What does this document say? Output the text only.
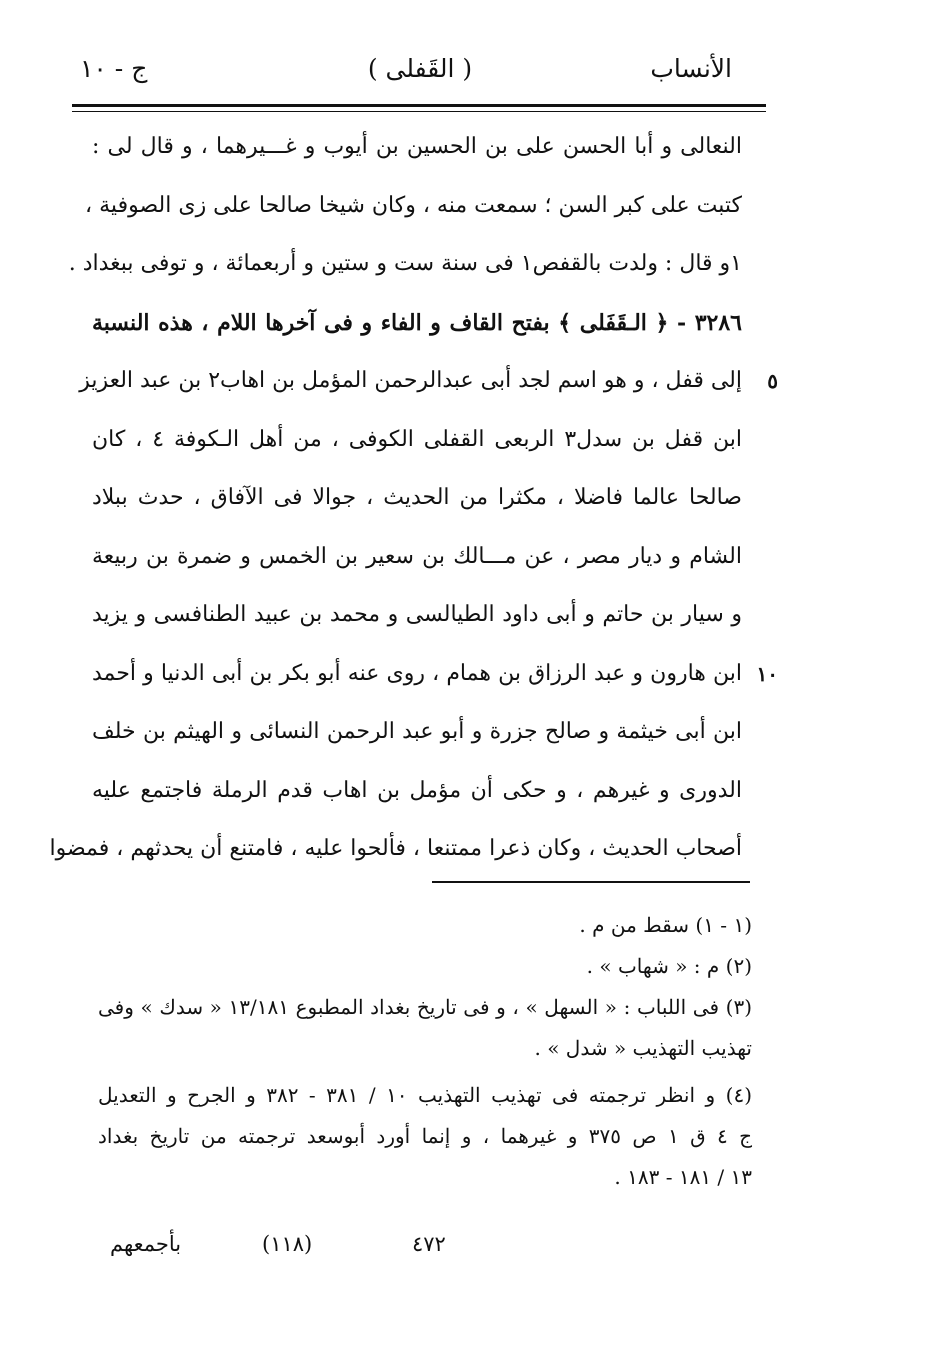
الأنساب
( القَفلى )
ج - ١٠
النعالى و أبا الحسن على بن الحسين بن أيوب و غـــيرهما ، و قال لى :
كتبت على كبر السن ؛ سمعت منه ، وكان شيخا صالحا على زى الصوفية ،
١و قال : ولدت بالقفص١ فى سنة ست و ستين و أربعمائة ، و توفى ببغداد .
٣٢٨٦ - ﴿ الـقَفَلى ﴾ بفتح القاف و الفاء و فى آخرها اللام ، هذه النسبة
إلى قفل ، و هو اسم لجد أبى عبدالرحمن المؤمل بن اهاب٢ بن عبد العزيز	٥
ابن قفل بن سدل٣ الربعى القفلى الكوفى ، من أهل الـكوفة ٤ ، كان
صالحا عالما فاضلا ، مكثرا من الحديث ، جوالا فى الآفاق ، حدث ببلاد
الشام و ديار مصر ، عن مـــالك بن سعير بن الخمس و ضمرة بن ربيعة
و سيار بن حاتم و أبى داود الطيالسى و محمد بن عبيد الطنافسى و يزيد
ابن هارون و عبد الرزاق بن همام ، روى عنه أبو بكر بن أبى الدنيا و أحمد ١٠
ابن أبى خيثمة و صالح جزرة و أبو عبد الرحمن النسائى و الهيثم بن خلف
الدورى و غيرهم ، و حكى أن مؤمل بن اهاب قدم الرملة فاجتمع عليه
أصحاب الحديث ، وكان ذعرا ممتنعا ، فألحوا عليه ، فامتنع أن يحدثهم ، فمضوا
(١ - ١) سقط من م .
(٢) م : « شهاب » .
(٣) فى اللباب : « السهل » ، و فى تاريخ بغداد المطبوع ١٣/١٨١ « سدك » وفى
تهذيب التهذيب « شدل » .
(٤) و انظر ترجمته فى تهذيب التهذيب ١٠ / ٣٨١ - ٣٨٢ و الجرح و التعديل
ج ٤ ق ١ ص ٣٧٥ و غيرهما ، و إنما أورد أبوسعد ترجمته من تاريخ بغداد
١٣ / ١٨١ - ١٨٣ .
بأجمعهم	(١١٨)	٤٧٢
